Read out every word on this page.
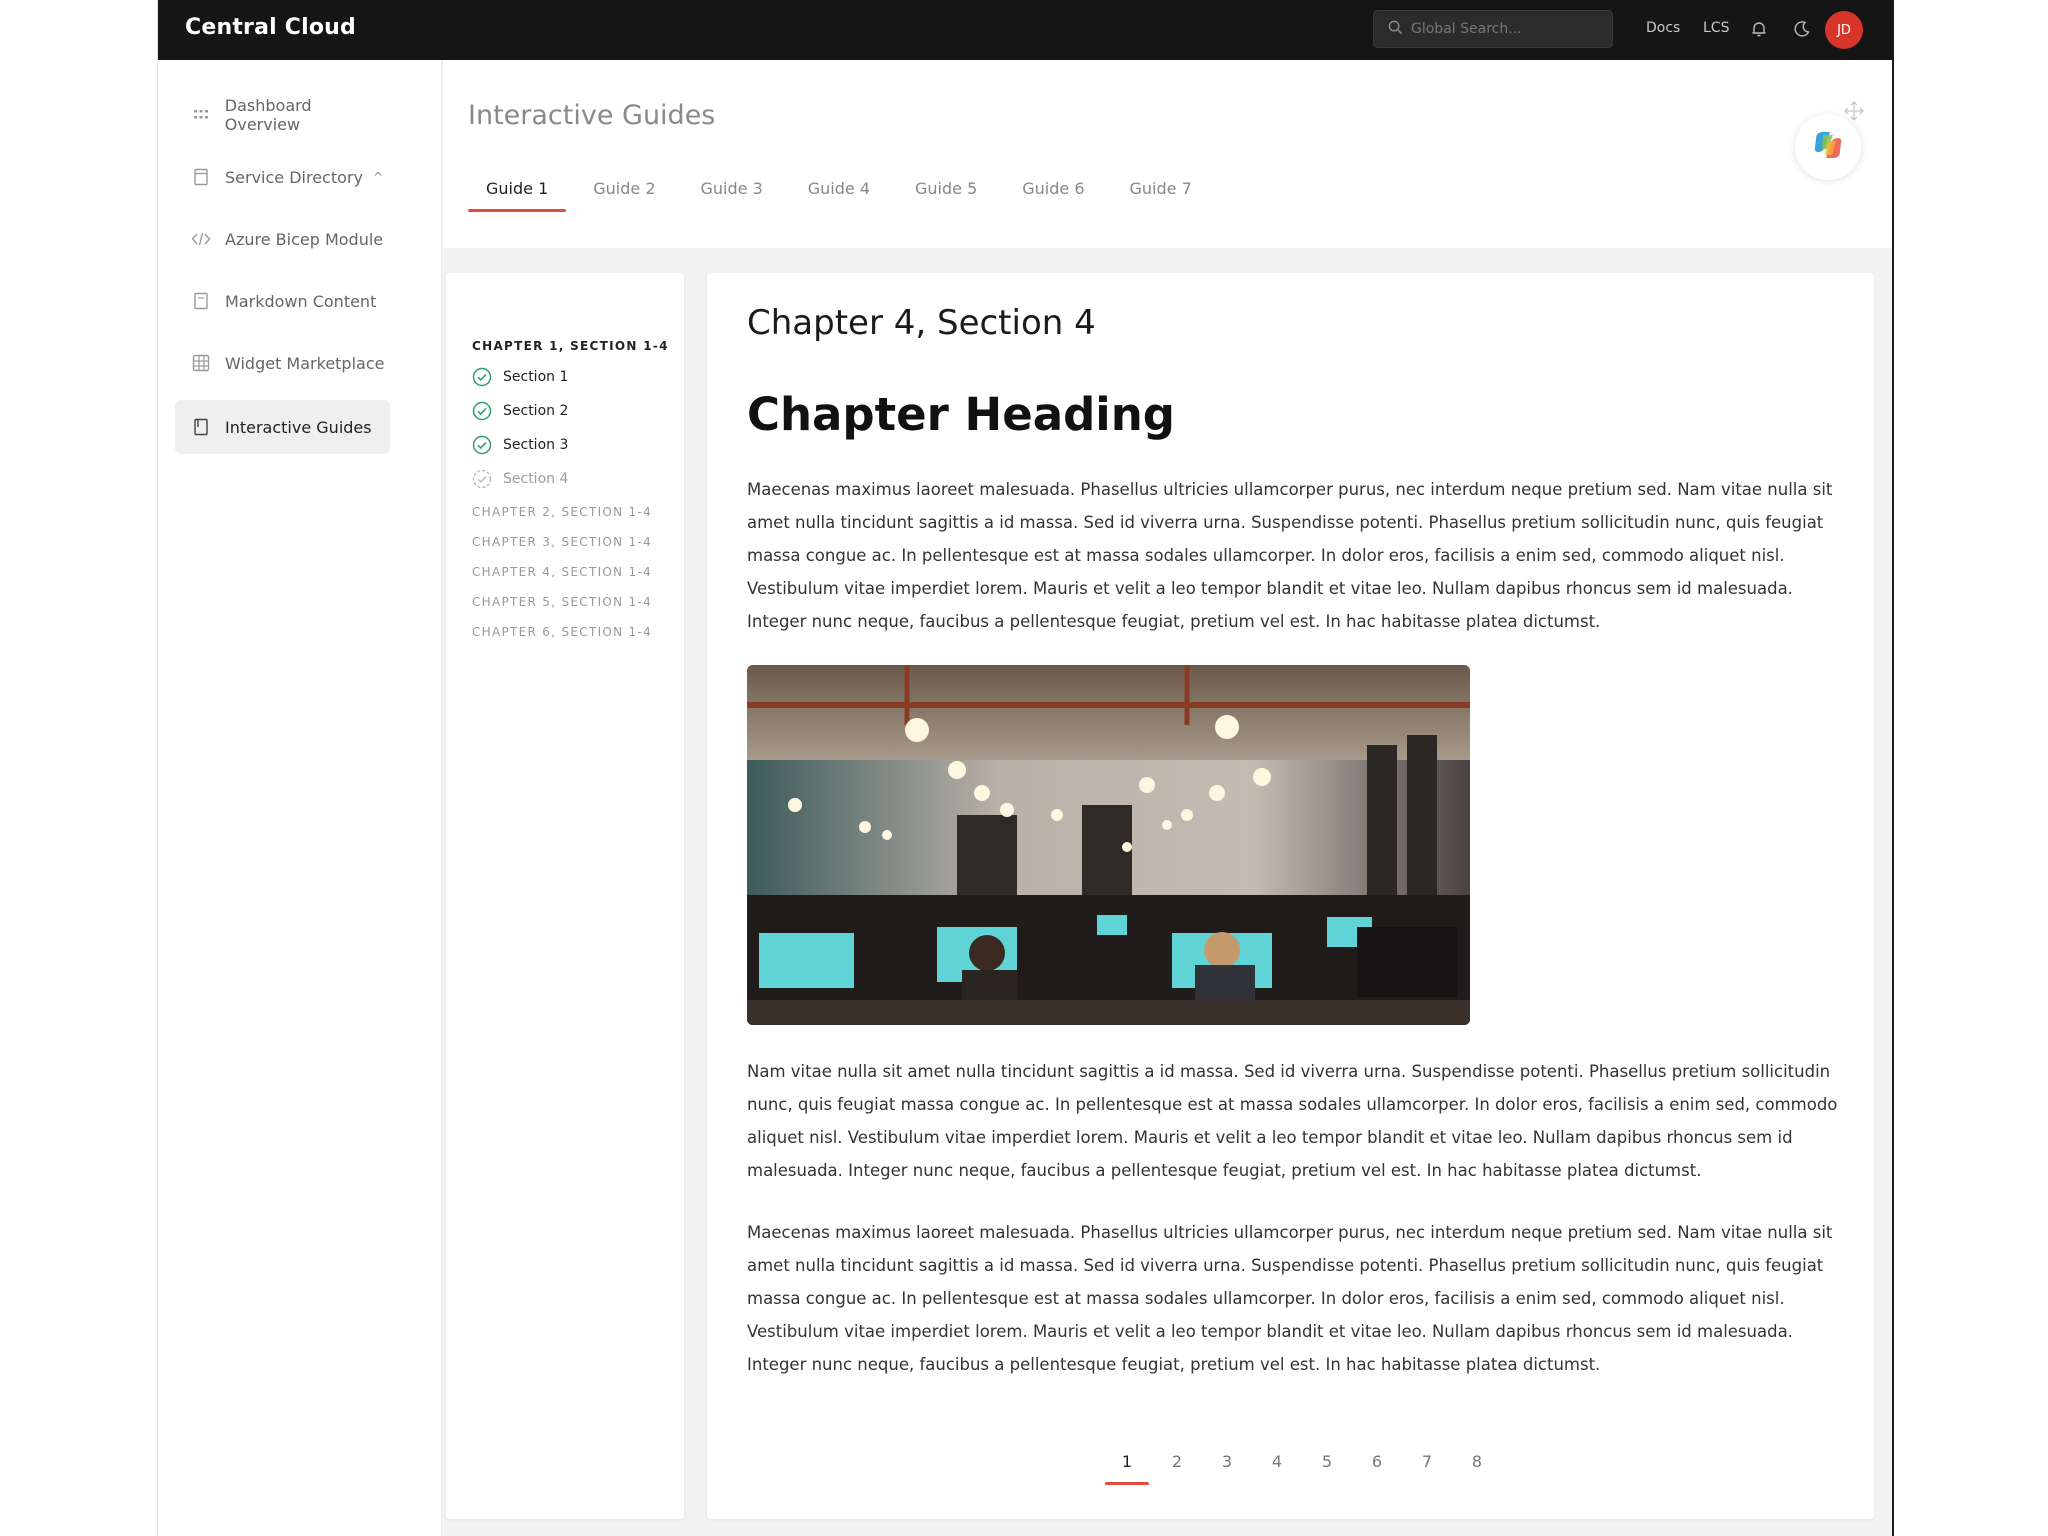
Central Cloud
Global Search...	Docs LCS	JD
Dashboard Overview
Service Directory ^
Azure Bicep Module
Markdown Content
Widget Marketplace
Interactive Guides
Interactive Guides
Guide 1	Guide 2	Guide 3	Guide 4	Guide 5	Guide 6	Guide 7
CHAPTER 1, SECTION 1-4
Section 1
Section 2
Section 3
Section 4
CHAPTER 2, SECTION 1-4
CHAPTER 3, SECTION 1-4
CHAPTER 4, SECTION 1-4
CHAPTER 5, SECTION 1-4
CHAPTER 6, SECTION 1-4
Chapter 4, Section 4
Chapter Heading

Maecenas maximus laoreet malesuada. Phasellus ultricies ullamcorper purus, nec interdum neque pretium sed. Nam vitae nulla sit amet nulla tincidunt sagittis a id massa. Sed id viverra urna. Suspendisse potenti. Phasellus pretium sollicitudin nunc, quis feugiat massa congue ac. In pellentesque est at massa sodales ullamcorper. In dolor eros, facilisis a enim sed, commodo aliquet nisl. Vestibulum vitae imperdiet lorem. Mauris et velit a leo tempor blandit et vitae leo. Nullam dapibus rhoncus sem id malesuada. Integer nunc neque, faucibus a pellentesque feugiat, pretium vel est. In hac habitasse platea dictumst.

Nam vitae nulla sit amet nulla tincidunt sagittis a id massa. Sed id viverra urna. Suspendisse potenti. Phasellus pretium sollicitudin nunc, quis feugiat massa congue ac. In pellentesque est at massa sodales ullamcorper. In dolor eros, facilisis a enim sed, commodo aliquet nisl. Vestibulum vitae imperdiet lorem. Mauris et velit a leo tempor blandit et vitae leo. Nullam dapibus rhoncus sem id malesuada. Integer nunc neque, faucibus a pellentesque feugiat, pretium vel est. In hac habitasse platea dictumst.

Maecenas maximus laoreet malesuada. Phasellus ultricies ullamcorper purus, nec interdum neque pretium sed. Nam vitae nulla sit amet nulla tincidunt sagittis a id massa. Sed id viverra urna. Suspendisse potenti. Phasellus pretium sollicitudin nunc, quis feugiat massa congue ac. In pellentesque est at massa sodales ullamcorper. In dolor eros, facilisis a enim sed, commodo aliquet nisl. Vestibulum vitae imperdiet lorem. Mauris et velit a leo tempor blandit et vitae leo. Nullam dapibus rhoncus sem id malesuada. Integer nunc neque, faucibus a pellentesque feugiat, pretium vel est. In hac habitasse platea dictumst.

1	2	3	4	5	6	7	8
